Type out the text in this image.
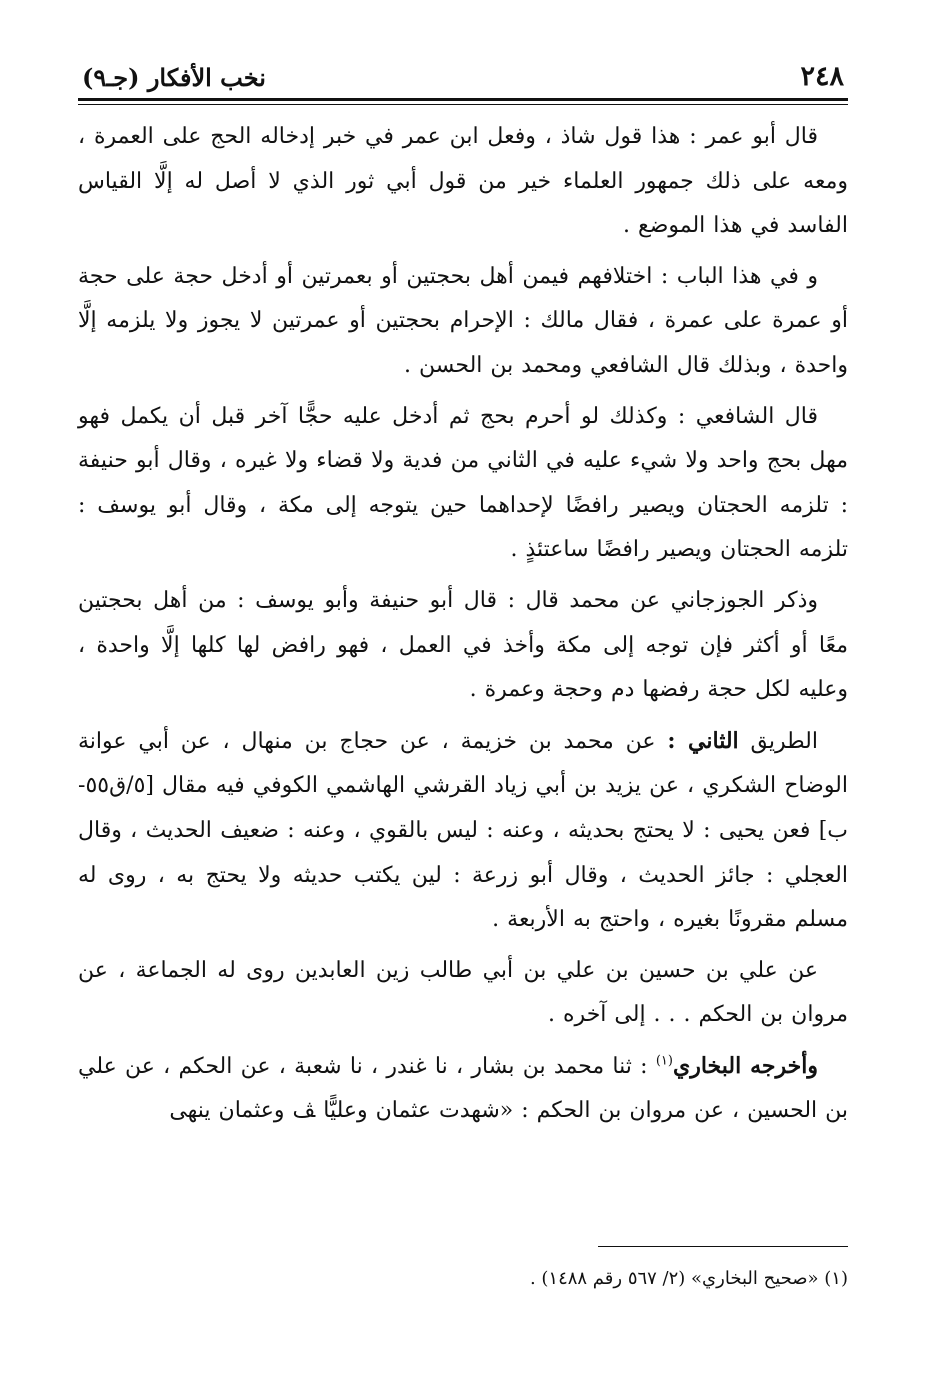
٢٤٨
نخب الأفكار (جـ٩)

قال أبو عمر : هذا قول شاذ ، وفعل ابن عمر في خبر إدخاله الحج على العمرة ، ومعه على ذلك جمهور العلماء خير من قول أبي ثور الذي لا أصل له إلَّا القياس الفاسد في هذا الموضع .

و في هذا الباب : اختلافهم فيمن أهل بحجتين أو بعمرتين أو أدخل حجة على حجة أو عمرة على عمرة ، فقال مالك : الإحرام بحجتين أو عمرتين لا يجوز ولا يلزمه إلَّا واحدة ، وبذلك قال الشافعي ومحمد بن الحسن .

قال الشافعي : وكذلك لو أحرم بحج ثم أدخل عليه حجًّا آخر قبل أن يكمل فهو مهل بحج واحد ولا شيء عليه في الثاني من فدية ولا قضاء ولا غيره ، وقال أبو حنيفة : تلزمه الحجتان ويصير رافضًا لإحداهما حين يتوجه إلى مكة ، وقال أبو يوسف : تلزمه الحجتان ويصير رافضًا ساعتئذٍ .

وذكر الجوزجاني عن محمد قال : قال أبو حنيفة وأبو يوسف : من أهل بحجتين معًا أو أكثر فإن توجه إلى مكة وأخذ في العمل ، فهو رافض لها كلها إلَّا واحدة ، وعليه لكل حجة رفضها دم وحجة وعمرة .

الطريق الثاني : عن محمد بن خزيمة ، عن حجاج بن منهال ، عن أبي عوانة الوضاح الشكري ، عن يزيد بن أبي زياد القرشي الهاشمي الكوفي فيه مقال [٥/ق٥٥-ب] فعن يحيى : لا يحتج بحديثه ، وعنه : ليس بالقوي ، وعنه : ضعيف الحديث ، وقال العجلي : جائز الحديث ، وقال أبو زرعة : لين يكتب حديثه ولا يحتج به ، روى له مسلم مقرونًا بغيره ، واحتج به الأربعة .

عن علي بن حسين بن علي بن أبي طالب زين العابدين روى له الجماعة ، عن مروان بن الحكم . . . إلى آخره .

وأخرجه البخاري$^{(١)}$ : ثنا محمد بن بشار ، نا غندر ، نا شعبة ، عن الحكم ، عن علي بن الحسين ، عن مروان بن الحكم : «شهدت عثمان وعليًّا ﭫ وعثمان ينهى

(١) «صحيح البخاري» (٢/ ٥٦٧ رقم ١٤٨٨) .
